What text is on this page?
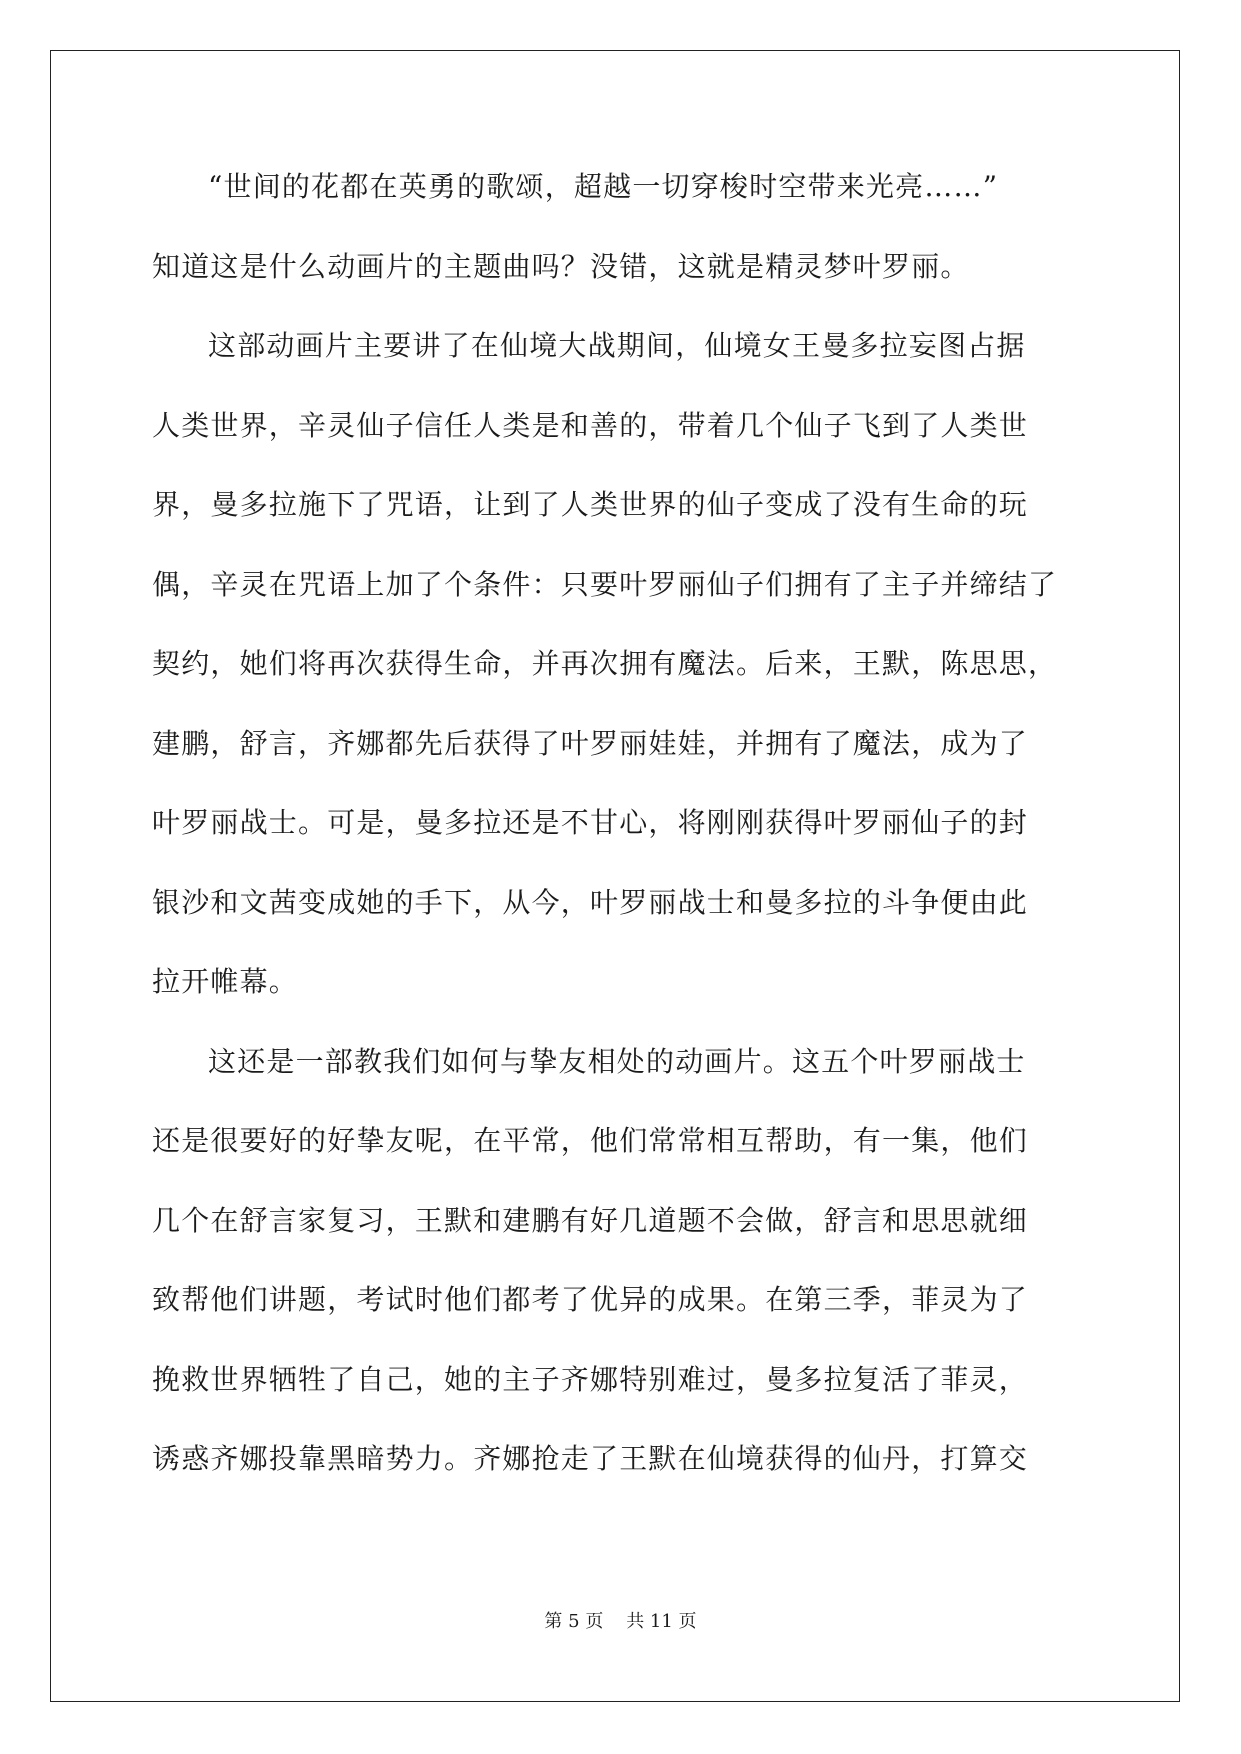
“世间的花都在英勇的歌颂，超越一切穿梭时空带来光亮……”
知道这是什么动画片的主题曲吗？没错，这就是精灵梦叶罗丽。
这部动画片主要讲了在仙境大战期间，仙境女王曼多拉妄图占据
人类世界，辛灵仙子信任人类是和善的，带着几个仙子飞到了人类世
界，曼多拉施下了咒语，让到了人类世界的仙子变成了没有生命的玩
偶，辛灵在咒语上加了个条件：只要叶罗丽仙子们拥有了主子并缔结了
契约，她们将再次获得生命，并再次拥有魔法。后来，王默，陈思思，
建鹏，舒言，齐娜都先后获得了叶罗丽娃娃，并拥有了魔法，成为了
叶罗丽战士。可是，曼多拉还是不甘心，将刚刚获得叶罗丽仙子的封
银沙和文茜变成她的手下，从今，叶罗丽战士和曼多拉的斗争便由此
拉开帷幕。
这还是一部教我们如何与挚友相处的动画片。这五个叶罗丽战士
还是很要好的好挚友呢，在平常，他们常常相互帮助，有一集，他们
几个在舒言家复习，王默和建鹏有好几道题不会做，舒言和思思就细
致帮他们讲题，考试时他们都考了优异的成果。在第三季，菲灵为了
挽救世界牺牲了自己，她的主子齐娜特别难过，曼多拉复活了菲灵，
诱惑齐娜投靠黑暗势力。齐娜抢走了王默在仙境获得的仙丹，打算交
第 5 页    共 11 页
